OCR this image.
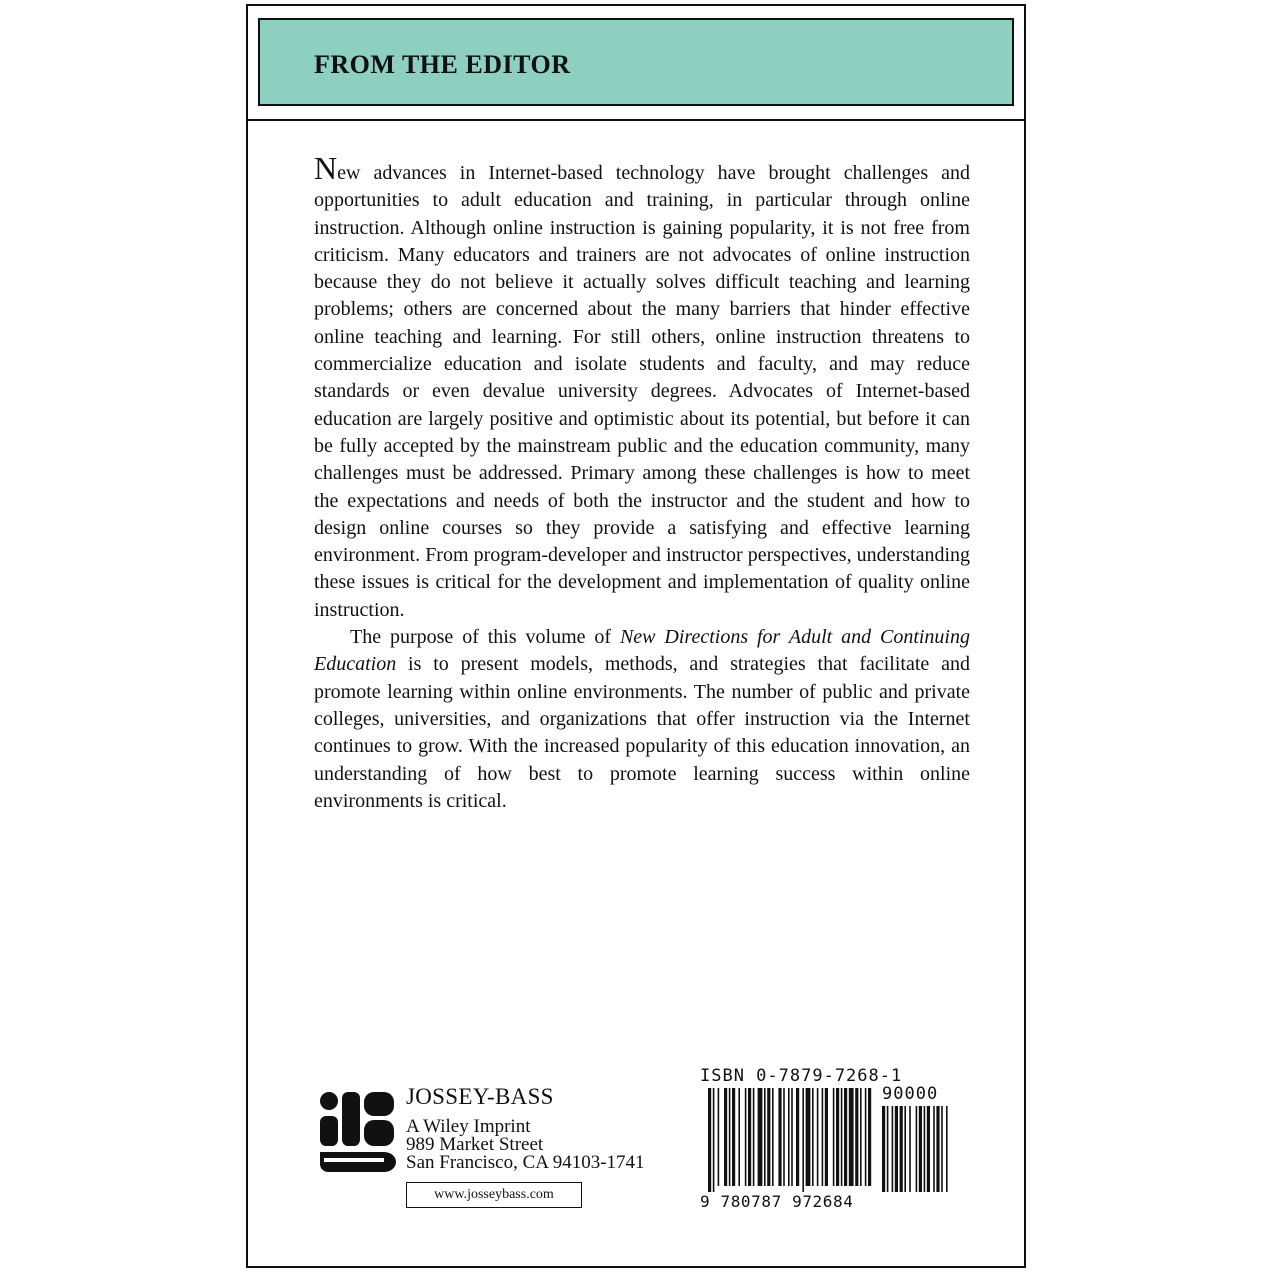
FROM THE EDITOR

New advances in Internet-based technology have brought challenges and opportunities to adult education and training, in particular through online instruction. Although online instruction is gaining popularity, it is not free from criticism. Many educators and trainers are not advocates of online instruction because they do not believe it actually solves difficult teaching and learning problems; others are concerned about the many barriers that hinder effective online teaching and learning. For still others, online instruction threatens to commercialize education and isolate students and faculty, and may reduce standards or even devalue university degrees. Advocates of Internet-based education are largely positive and optimistic about its potential, but before it can be fully accepted by the mainstream public and the education community, many challenges must be addressed. Primary among these challenges is how to meet the expectations and needs of both the instructor and the student and how to design online courses so they provide a satisfying and effective learning environment. From program-developer and instructor perspectives, understanding these issues is critical for the development and implementation of quality online instruction.

The purpose of this volume of New Directions for Adult and Continuing Education is to present models, methods, and strategies that facilitate and promote learning within online environments. The number of public and private colleges, universities, and organizations that offer instruction via the Internet continues to grow. With the increased popularity of this education innovation, an understanding of how best to promote learning success within online environments is critical.

JOSSEY-BASS
A Wiley Imprint
989 Market Street
San Francisco, CA 94103-1741
www.josseybass.com
ISBN 0-7879-7268-1
90000
9 780787 972684
